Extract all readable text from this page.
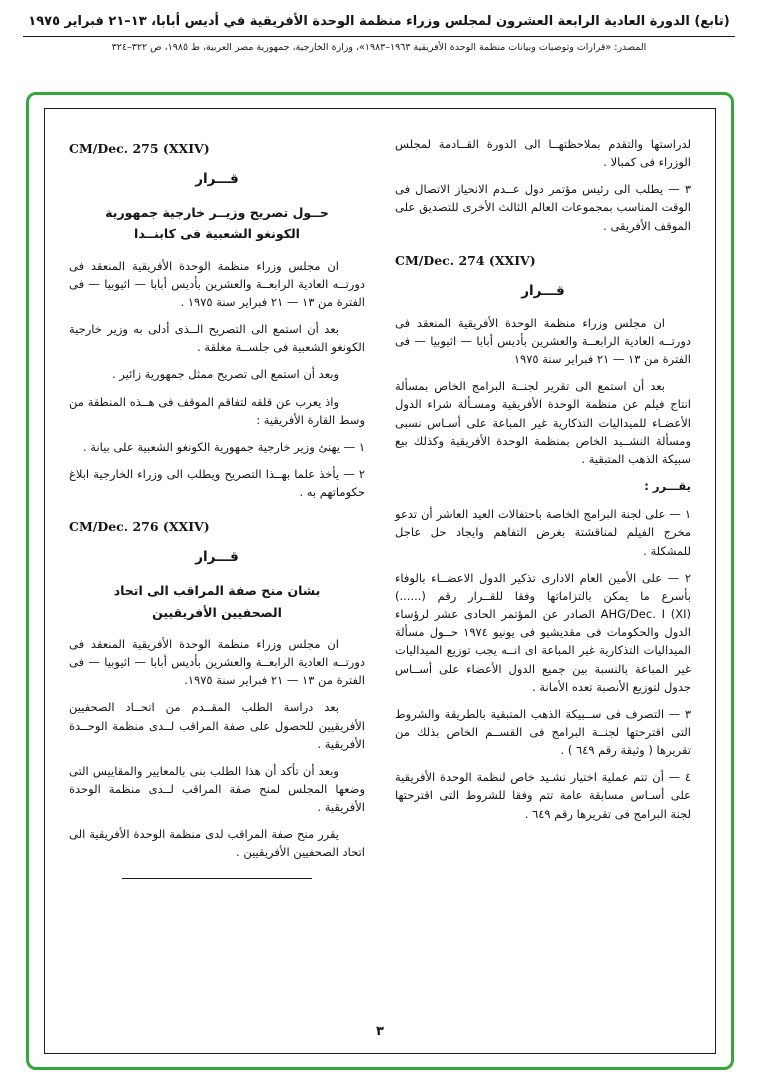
(تابع) الدورة العادية الرابعة العشرون لمجلس وزراء منظمة الوحدة الأفريقية في أديس أبابا، ١٣–٢١ فبراير ١٩٧٥
المصدر: «قرارات وتوصيات وبيانات منظمة الوحدة الأفريقية ١٩٦٣–١٩٨٣»، وزارة الخارجية، جمهورية مصر العربية، ط ١٩٨٥، ص ٣٢٢–٣٢٤

لدراستها والتقدم بملاحظتهــا الى الدورة القــادمة لمجلس الوزراء فى كمبالا .

٣ — يطلب الى رئيس مؤتمر دول عــدم الانحياز الاتصال فى الوقت المناسب بمجموعات العالم الثالث الأخرى للتصديق على الموقف الأفريقى .

CM/Dec. 274 (XXIV)
قـــرار

ان مجلس وزراء منظمة الوحدة الأفريقية المنعقد فى دورتــه العادية الرابعــة والعشرين بأديس أبابا — اثيوبيا — فى الفترة من ١٣ — ٢١ فبراير سنة ١٩٧٥

بعد أن استمع الى تقرير لجنــة البرامج الخاص بمسألة انتاج فيلم عن منظمة الوحدة الأفريقية ومسـألة شراء الدول الأعضـاء للميداليات التذكارية غير المباعة على أسـاس نسبى ومسألة النشــيد الخاص بمنظمة الوحدة الأفريقية وكذلك بيع سبيكة الذهب المتبقية .

يقـــرر :

١ — على لجنة البرامج الخاصة باحتفالات العيد العاشر أن تدعو مخرج الفيلم لمناقشتة بغرض التفاهم وايجاد حل عاجل للمشكلة .

٢ — على الأمين العام الادارى تذكير الدول الاعضــاء بالوفاء بأسرع ما يمكن بالتزاماتها وفقا للقــرار رقم (......) AHG/Dec. I (XI) الصادر عن المؤتمر الحادى عشر لرؤساء الدول والحكومات فى مقديشيو فى يونيو ١٩٧٤ حــول مسألة الميداليات التذكارية غير المباعة اى انــه يجب توزيع الميداليات غير المباعة بالنسبة بين جميع الدول الأعضاء على أســاس جدول لتوزيع الأنصبة تعده الأمانة .

٣ — التصرف فى ســبيكة الذهب المتبقية بالطريقة والشروط التى اقترحتها لجنــة البرامج فى القســم الخاص بذلك من تقريرها ( وثيقة رقم ٦٤٩ ) .

٤ — أن تتم عملية اختيار نشـيد خاص لنظمة الوحدة الأفريقية على أسـاس مسابقة عامة تتم وفقا للشروط التى اقترحتها لجنة البرامج فى تقريرها رقم ٦٤٩ .

CM/Dec. 275 (XXIV)
قـــرار
حــول تصريح وزيــر خارجية جمهورية
الكونغو الشعبية فى كابنــدا

ان مجلس وزراء منظمة الوحدة الأفريقية المنعقد فى دورتــه العادية الرابعــة والعشرين بأديس أبابا — اثيوبيا — فى الفترة من ١٣ — ٢١ فبراير سنة ١٩٧٥ .

بعد أن استمع الى التصريح الــذى أدلى به وزير خارجية الكونغو الشعبية فى جلســة مغلقة .

وبعد أن استمع الى تصريح ممثل جمهورية زائير .

واذ يعرب عن قلقه لتفاقم الموقف فى هــذه المنطقة من وسط القارة الأفريقية :

١ — يهنئ وزير خارجية جمهورية الكونغو الشعبية على بيانة .

٢ — يأخذ علما بهــذا التصريح ويطلب الى وزراء الخارجية ابلاغ حكوماتهم به .

CM/Dec. 276 (XXIV)
قـــرار
بشان منح صفة المراقب الى اتحاد
الصحفيين الأفريقيين

ان مجلس وزراء منظمة الوحدة الأفريقية المنعقد فى دورتــه العادية الرابعــة والعشرين بأديس أبابا — اثيوبيا — فى الفترة من ١٣ — ٢١ فبراير سنة ١٩٧٥.

بعد دراسة الطلب المقــدم من اتحــاد الصحفيين الأفريقيين للحصول على صفة المراقب لــدى منظمة الوحــدة الأفريقية .

وبعد أن تأكد أن هذا الطلب بنى بالمعايير والمقاييس التى وضعها المجلس لمنح صفة المراقب لــدى منظمة الوحدة الأفريقية .

يقرر منح صفة المراقب لدى منظمة الوحدة الأفريقية الى اتحاد الصحفيين الأفريقيين .

٣
